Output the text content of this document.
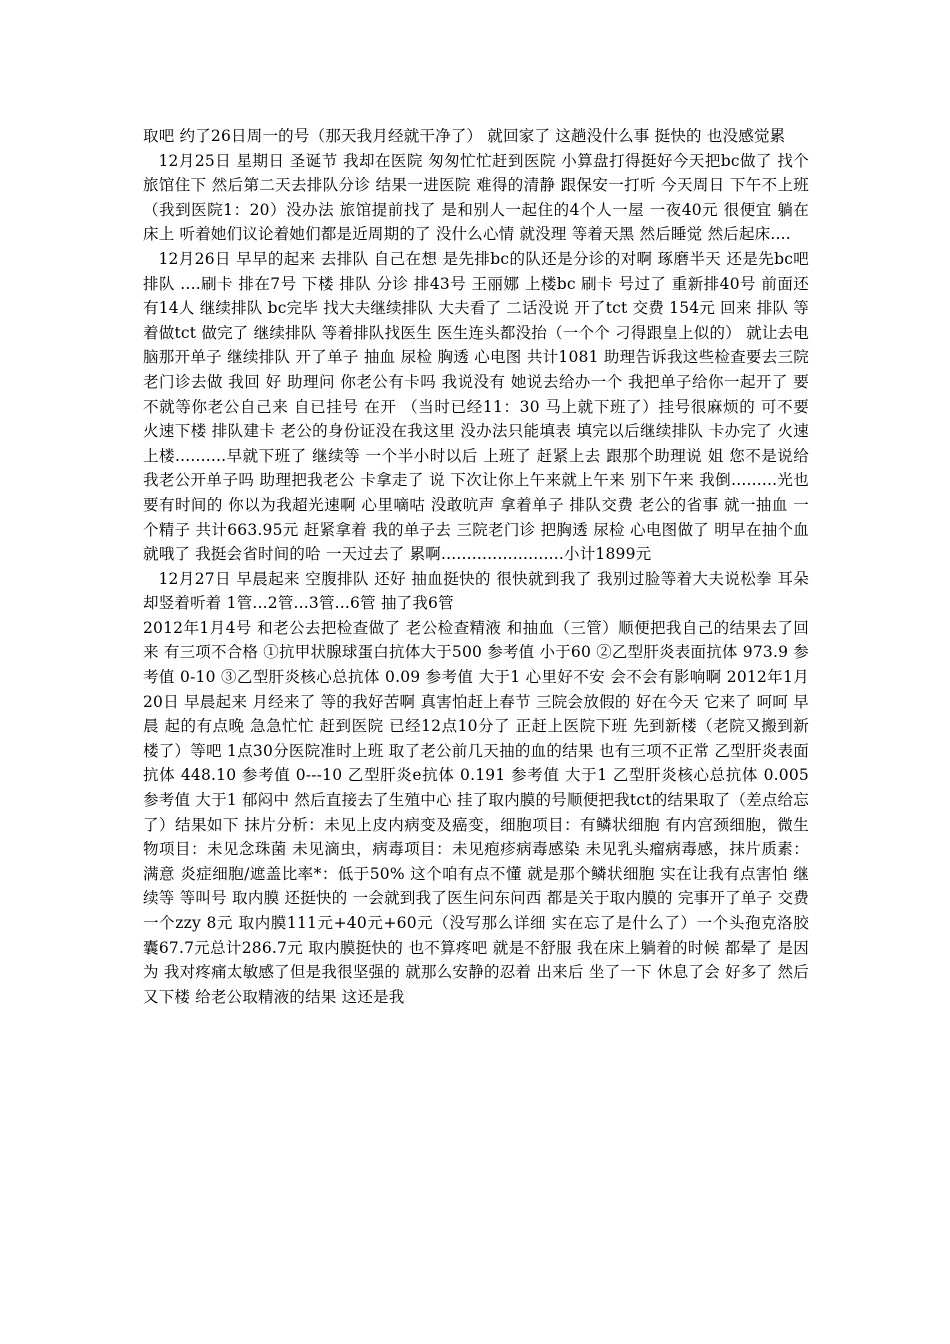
取吧 约了26日周一的号（那天我月经就干净了） 就回家了 这趟没什么事 挺快的 也没感觉累

12月25日 星期日 圣诞节 我却在医院 匆匆忙忙赶到医院 小算盘打得挺好今天把bc做了 找个旅馆住下 然后第二天去排队分诊 结果一进医院 难得的清静 跟保安一打听 今天周日 下午不上班（我到医院1：20）没办法 旅馆提前找了 是和别人一起住的4个人一屋 一夜40元 很便宜 躺在床上 听着她们议论着她们都是近周期的了 没什么心情 就没理 等着天黑 然后睡觉 然后起床....

12月26日 早早的起来 去排队 自己在想 是先排bc的队还是分诊的对啊 琢磨半天 还是先bc吧 排队 ....刷卡 排在7号 下楼 排队 分诊 排43号 王丽娜 上楼bc 刷卡 号过了 重新排40号 前面还有14人 继续排队 bc完毕 找大夫继续排队 大夫看了 二话没说 开了tct 交费 154元 回来 排队 等着做tct 做完了 继续排队 等着排队找医生 医生连头都没抬（一个个 刁得跟皇上似的） 就让去电脑那开单子 继续排队 开了单子 抽血 尿检 胸透 心电图 共计1081 助理告诉我这些检查要去三院老门诊去做 我回 好 助理问 你老公有卡吗 我说没有 她说去给办一个 我把单子给你一起开了 要不就等你老公自己来 自已挂号 在开 （当时已经11：30 马上就下班了）挂号很麻烦的 可不要 火速下楼 排队建卡 老公的身份证没在我这里 没办法只能填表 填完以后继续排队 卡办完了 火速上楼..........早就下班了 继续等 一个半小时以后 上班了 赶紧上去 跟那个助理说 姐 您不是说给我老公开单子吗 助理把我老公 卡拿走了 说 下次让你上午来就上午来 别下午来 我倒.........光也要有时间的 你以为我超光速啊 心里嘀咕 没敢吭声 拿着单子 排队交费 老公的省事 就一抽血 一个精子 共计663.95元 赶紧拿着 我的单子去 三院老门诊 把胸透 尿检 心电图做了 明早在抽个血 就哦了 我挺会省时间的哈 一天过去了 累啊........................小计1899元

12月27日 早晨起来 空腹排队 还好 抽血挺快的 很快就到我了 我别过脸等着大夫说松拳 耳朵却竖着听着 1管...2管...3管...6管 抽了我6管

2012年1月4号 和老公去把检查做了 老公检查精液 和抽血（三管）顺便把我自己的结果去了回来 有三项不合格 ①抗甲状腺球蛋白抗体大于500 参考值 小于60 ②乙型肝炎表面抗体 973.9 参考值 0-10 ③乙型肝炎核心总抗体 0.09 参考值 大于1 心里好不安 会不会有影响啊 2012年1月20日 早晨起来 月经来了 等的我好苦啊 真害怕赶上春节 三院会放假的 好在今天 它来了 呵呵 早晨 起的有点晚 急急忙忙 赶到医院 已经12点10分了 正赶上医院下班 先到新楼（老院又搬到新楼了）等吧 1点30分医院准时上班 取了老公前几天抽的血的结果 也有三项不正常 乙型肝炎表面抗体 448.10 参考值 0---10 乙型肝炎e抗体 0.191 参考值 大于1 乙型肝炎核心总抗体 0.005 参考值 大于1 郁闷中 然后直接去了生殖中心 挂了取内膜的号顺便把我tct的结果取了（差点给忘了）结果如下 抹片分析：未见上皮内病变及癌变，细胞项目：有鳞状细胞 有内宫颈细胞，微生物项目：未见念珠菌 未见滴虫，病毒项目：未见疱疹病毒感染 未见乳头瘤病毒感，抹片质素：满意 炎症细胞/遮盖比率*：低于50% 这个咱有点不懂 就是那个鳞状细胞 实在让我有点害怕 继续等 等叫号 取内膜 还挺快的 一会就到我了医生问东问西 都是关于取内膜的 完事开了单子 交费 一个zzy 8元 取内膜111元+40元+60元（没写那么详细 实在忘了是什么了）一个头孢克洛胶囊67.7元总计286.7元 取内膜挺快的 也不算疼吧 就是不舒服 我在床上躺着的时候 都晕了 是因为 我对疼痛太敏感了但是我很坚强的 就那么安静的忍着 出来后 坐了一下 休息了会 好多了 然后又下楼 给老公取精液的结果 这还是我
